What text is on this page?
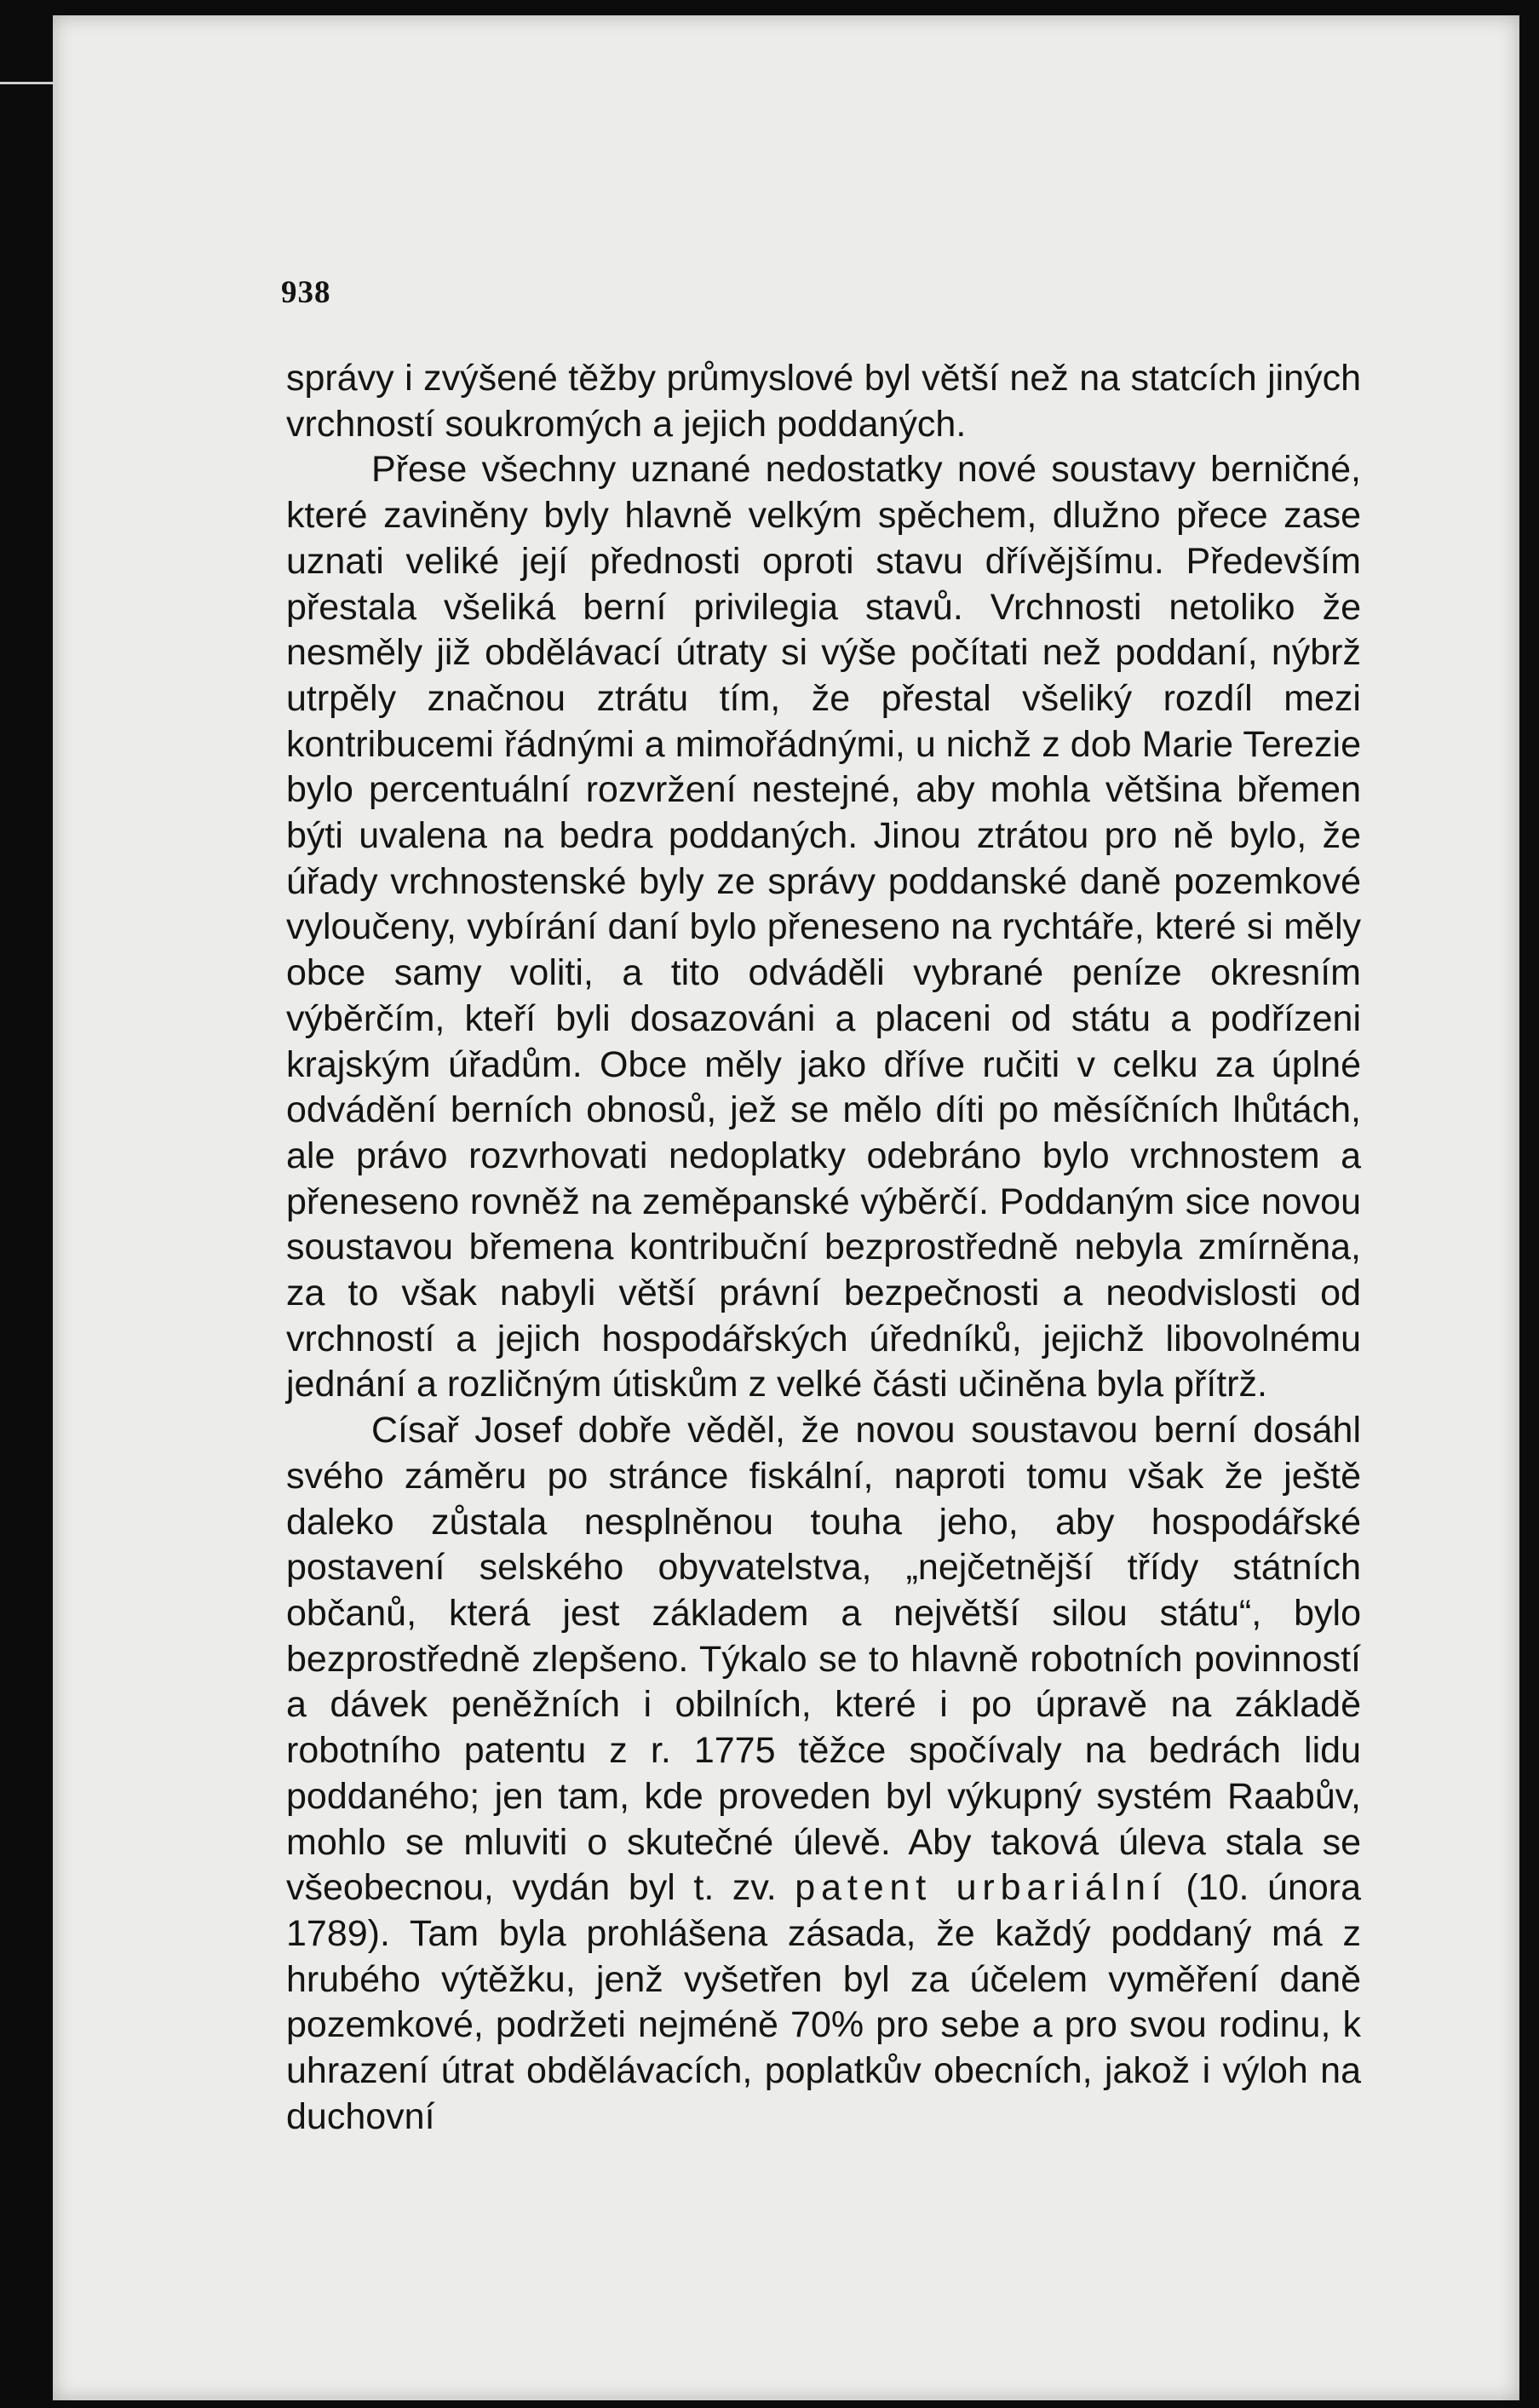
938

správy i zvýšené těžby průmyslové byl větší než na statcích jiných vrchností soukromých a jejich poddaných.

Přese všechny uznané nedostatky nové soustavy berničné, které zaviněny byly hlavně velkým spěchem, dlužno přece zase uznati veliké její přednosti oproti stavu dřívějšímu. Především přestala všeliká berní privilegia stavů. Vrchnosti netoliko že nesměly již obdělávací útraty si výše počítati než poddaní, nýbrž utrpěly značnou ztrátu tím, že přestal všeliký rozdíl mezi kontribucemi řádnými a mimořádnými, u nichž z dob Marie Terezie bylo percentuální rozvržení nestejné, aby mohla většina břemen býti uvalena na bedra poddaných. Jinou ztrátou pro ně bylo, že úřady vrchnostenské byly ze správy poddanské daně pozemkové vyloučeny, vybírání daní bylo přeneseno na rychtáře, které si měly obce samy voliti, a tito odváděli vybrané peníze okresním výběrčím, kteří byli dosazováni a placeni od státu a podřízeni krajským úřadům. Obce měly jako dříve ručiti v celku za úplné odvádění berních obnosů, jež se mělo díti po měsíčních lhůtách, ale právo rozvrhovati nedoplatky odebráno bylo vrchnostem a přeneseno rovněž na zeměpanské výběrčí. Poddaným sice novou soustavou břemena kontribuční bezprostředně nebyla zmírněna, za to však nabyli větší právní bezpečnosti a neodvislosti od vrchností a jejich hospodářských úředníků, jejichž libovolnému jednání a rozličným útiskům z velké části učiněna byla přítrž.

Císař Josef dobře věděl, že novou soustavou berní dosáhl svého záměru po stránce fiskální, naproti tomu však že ještě daleko zůstala nesplněnou touha jeho, aby hospodářské postavení selského obyvatelstva, „nejčetnější třídy státních občanů, která jest základem a největší silou státu“, bylo bezprostředně zlepšeno. Týkalo se to hlavně robotních povinností a dávek peněžních i obilních, které i po úpravě na základě robotního patentu z r. 1775 těžce spočívaly na bedrách lidu poddaného; jen tam, kde proveden byl výkupný systém Raabův, mohlo se mluviti o skutečné úlevě. Aby taková úleva stala se všeobecnou, vydán byl t. zv. patent urbariální (10. února 1789). Tam byla prohlášena zásada, že každý poddaný má z hrubého výtěžku, jenž vyšetřen byl za účelem vyměření daně pozemkové, podržeti nejméně 70% pro sebe a pro svou rodinu, k uhrazení útrat obdělávacích, poplatkův obecních, jakož i výloh na duchovní
